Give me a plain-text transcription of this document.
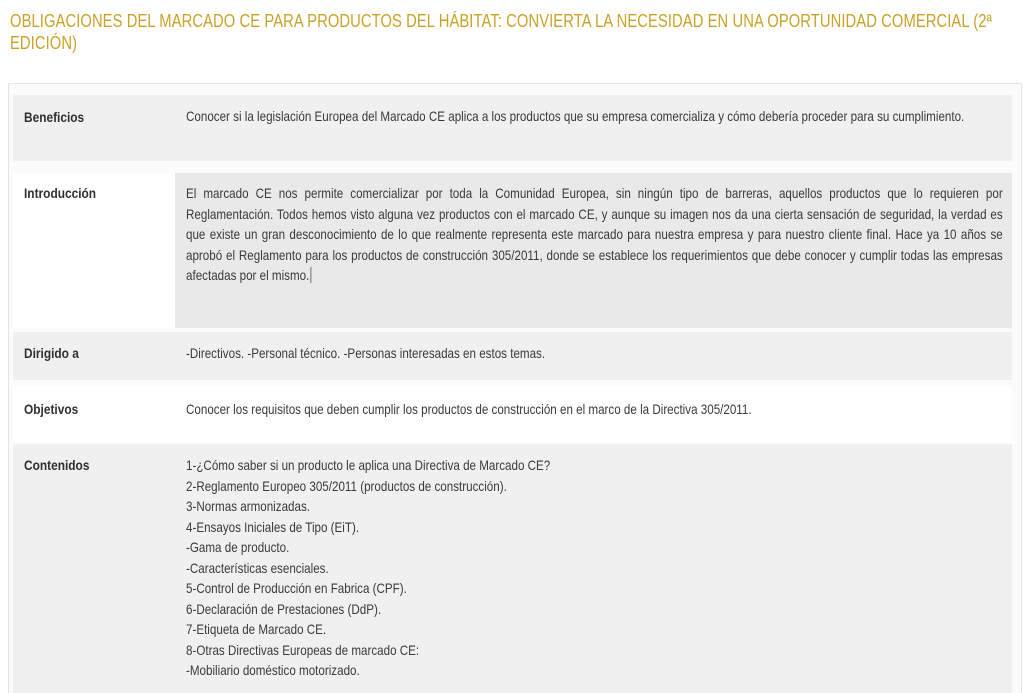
OBLIGACIONES DEL MARCADO CE PARA PRODUCTOS DEL HÁBITAT: CONVIERTA LA NECESIDAD EN UNA OPORTUNIDAD COMERCIAL (2ª EDICIÓN)
Beneficios	Conocer si la legislación Europea del Marcado CE aplica a los productos que su empresa comercializa y cómo debería proceder para su cumplimiento.
Introducción	El marcado CE nos permite comercializar por toda la Comunidad Europea, sin ningún tipo de barreras, aquellos productos que lo requieren por Reglamentación. Todos hemos visto alguna vez productos con el marcado CE, y aunque su imagen nos da una cierta sensación de seguridad, la verdad es que existe un gran desconocimiento de lo que realmente representa este marcado para nuestra empresa y para nuestro cliente final. Hace ya 10 años se aprobó el Reglamento para los productos de construcción 305/2011, donde se establece los requerimientos que debe conocer y cumplir todas las empresas afectadas por el mismo.
Dirigido a	-Directivos. -Personal técnico. -Personas interesadas en estos temas.
Objetivos	Conocer los requisitos que deben cumplir los productos de construcción en el marco de la Directiva 305/2011.
Contenidos	1-¿Cómo saber si un producto le aplica una Directiva de Marcado CE?
2-Reglamento Europeo 305/2011 (productos de construcción).
3-Normas armonizadas.
4-Ensayos Iniciales de Tipo (EiT).
-Gama de producto.
-Características esenciales.
5-Control de Producción en Fabrica (CPF).
6-Declaración de Prestaciones (DdP).
7-Etiqueta de Marcado CE.
8-Otras Directivas Europeas de marcado CE:
-Mobiliario doméstico motorizado.
